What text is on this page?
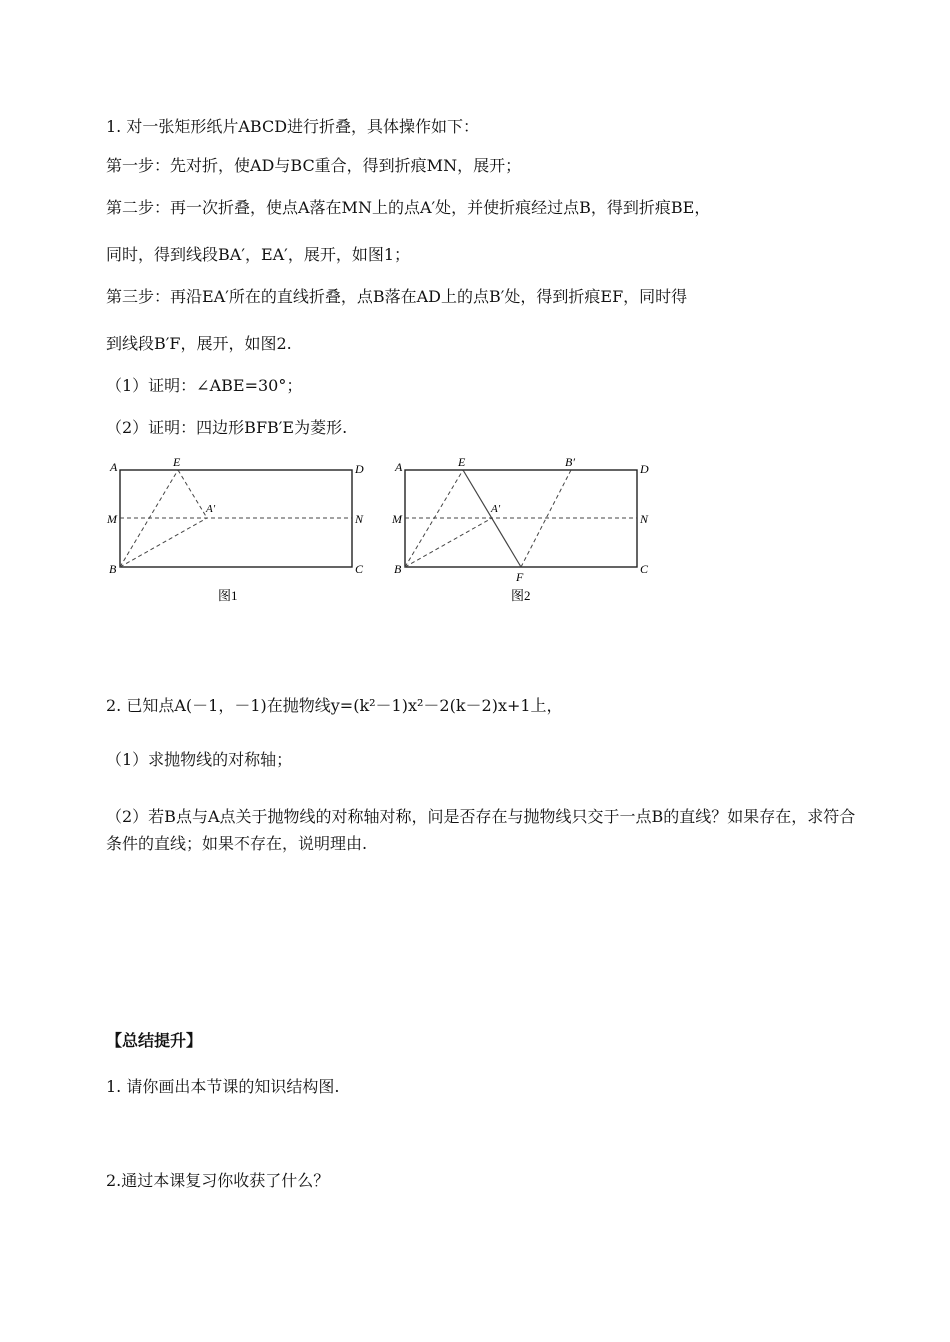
1. 对一张矩形纸片ABCD进行折叠，具体操作如下：
第一步：先对折，使AD与BC重合，得到折痕MN，展开；
第二步：再一次折叠，使点A落在MN上的点A′处，并使折痕经过点B，得到折痕BE，
同时，得到线段BA′，EA′，展开，如图1；
第三步：再沿EA′所在的直线折叠，点B落在AD上的点B′处，得到折痕EF，同时得
到线段B′F，展开，如图2.
（1）证明：∠ABE=30°；
（2）证明：四边形BFB′E为菱形.
A	D
M	N
B	C
E
A′
图1
A	D
M	N
B	C
E
A′
B′
F
图2
2. 已知点A(－1，－1)在抛物线y=(k²－1)x²－2(k－2)x+1上，
（1）求抛物线的对称轴；
（2）若B点与A点关于抛物线的对称轴对称，问是否存在与抛物线只交于一点B的直线？如果存在，求符合条件的直线；如果不存在，说明理由.
【总结提升】
1. 请你画出本节课的知识结构图.
2.通过本课复习你收获了什么？
